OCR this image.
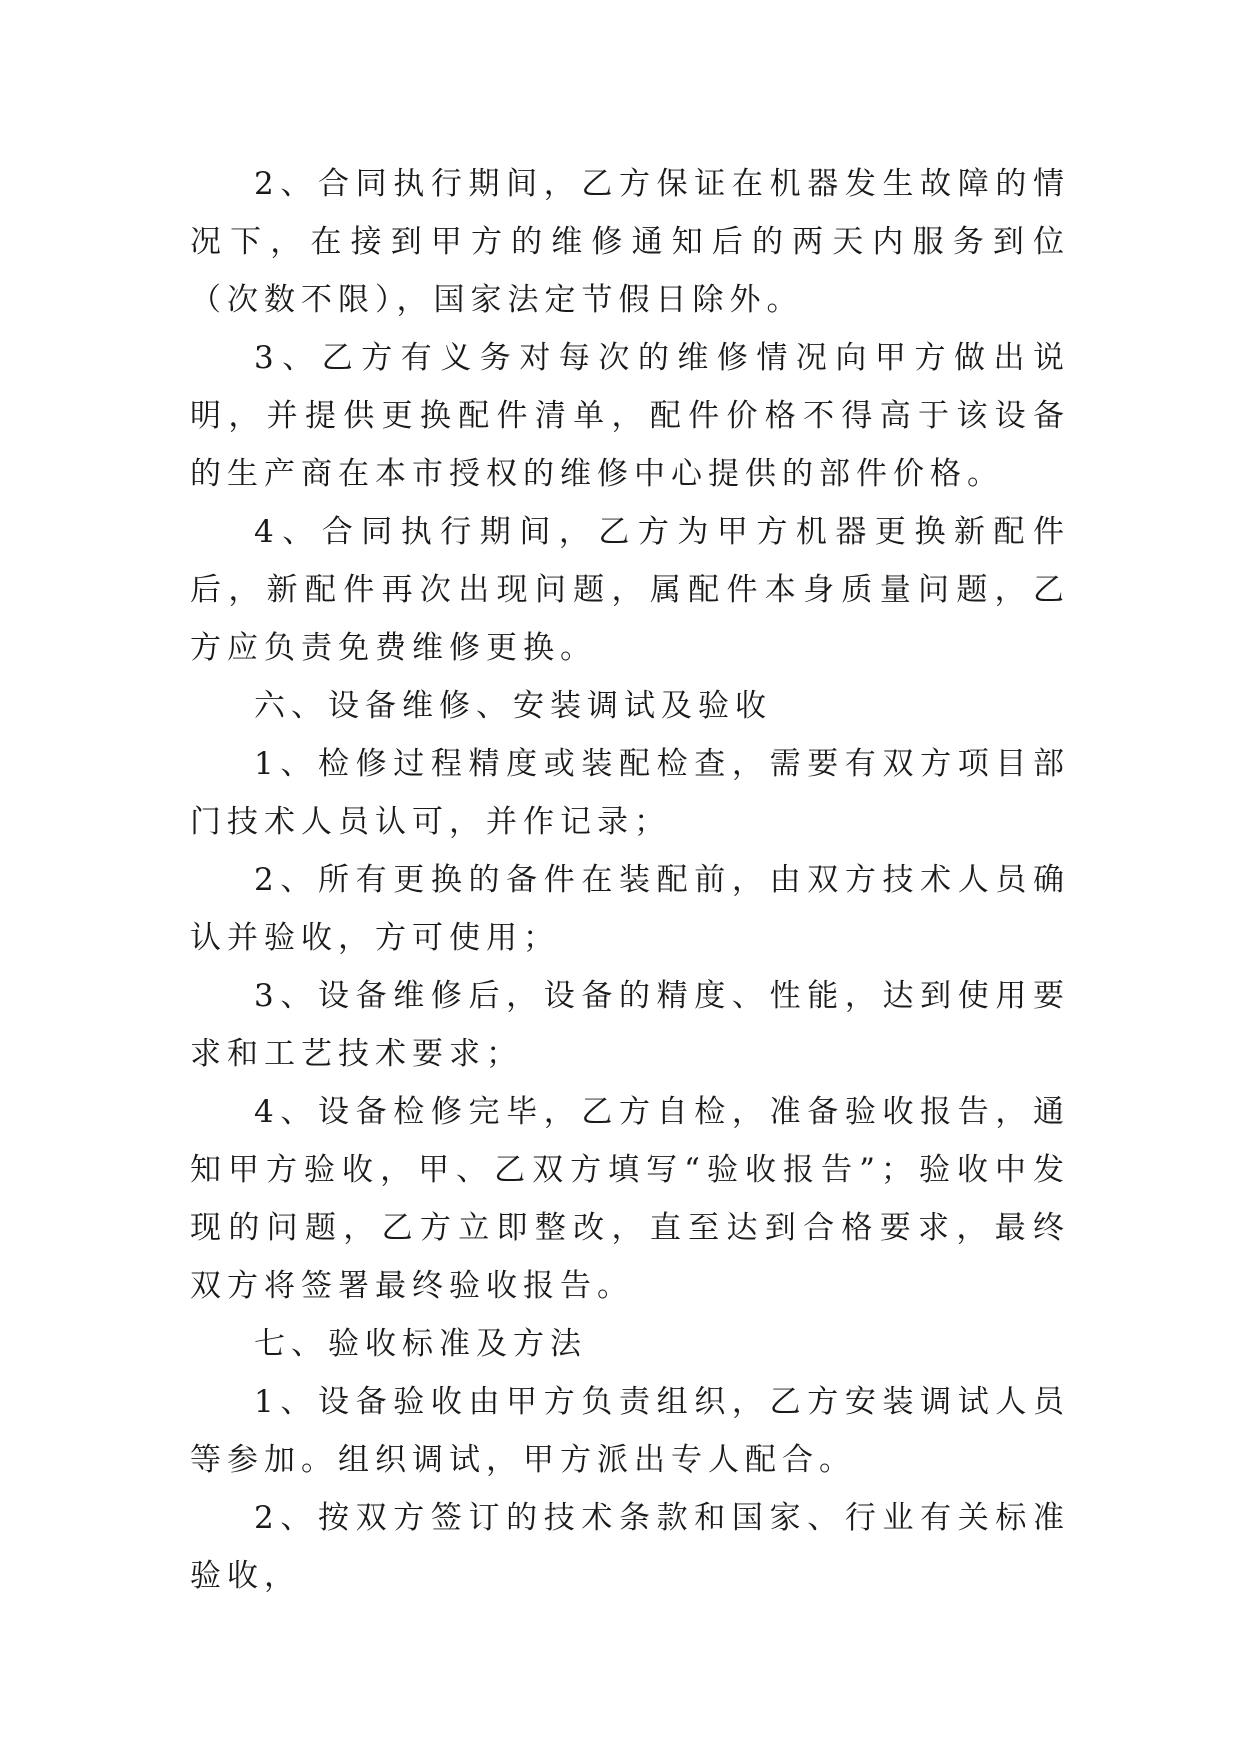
2、合同执行期间，乙方保证在机器发生故障的情况下，在接到甲方的维修通知后的两天内服务到位（次数不限），国家法定节假日除外。

3、乙方有义务对每次的维修情况向甲方做出说明，并提供更换配件清单，配件价格不得高于该设备的生产商在本市授权的维修中心提供的部件价格。

4、合同执行期间，乙方为甲方机器更换新配件后，新配件再次出现问题，属配件本身质量问题，乙方应负责免费维修更换。

六、设备维修、安装调试及验收

1、检修过程精度或装配检查，需要有双方项目部门技术人员认可，并作记录；

2、所有更换的备件在装配前，由双方技术人员确认并验收，方可使用；

3、设备维修后，设备的精度、性能，达到使用要求和工艺技术要求；

4、设备检修完毕，乙方自检，准备验收报告，通知甲方验收，甲、乙双方填写“验收报告”；验收中发现的问题，乙方立即整改，直至达到合格要求，最终双方将签署最终验收报告。

七、验收标准及方法

1、设备验收由甲方负责组织，乙方安装调试人员等参加。组织调试，甲方派出专人配合。

2、按双方签订的技术条款和国家、行业有关标准验收，
